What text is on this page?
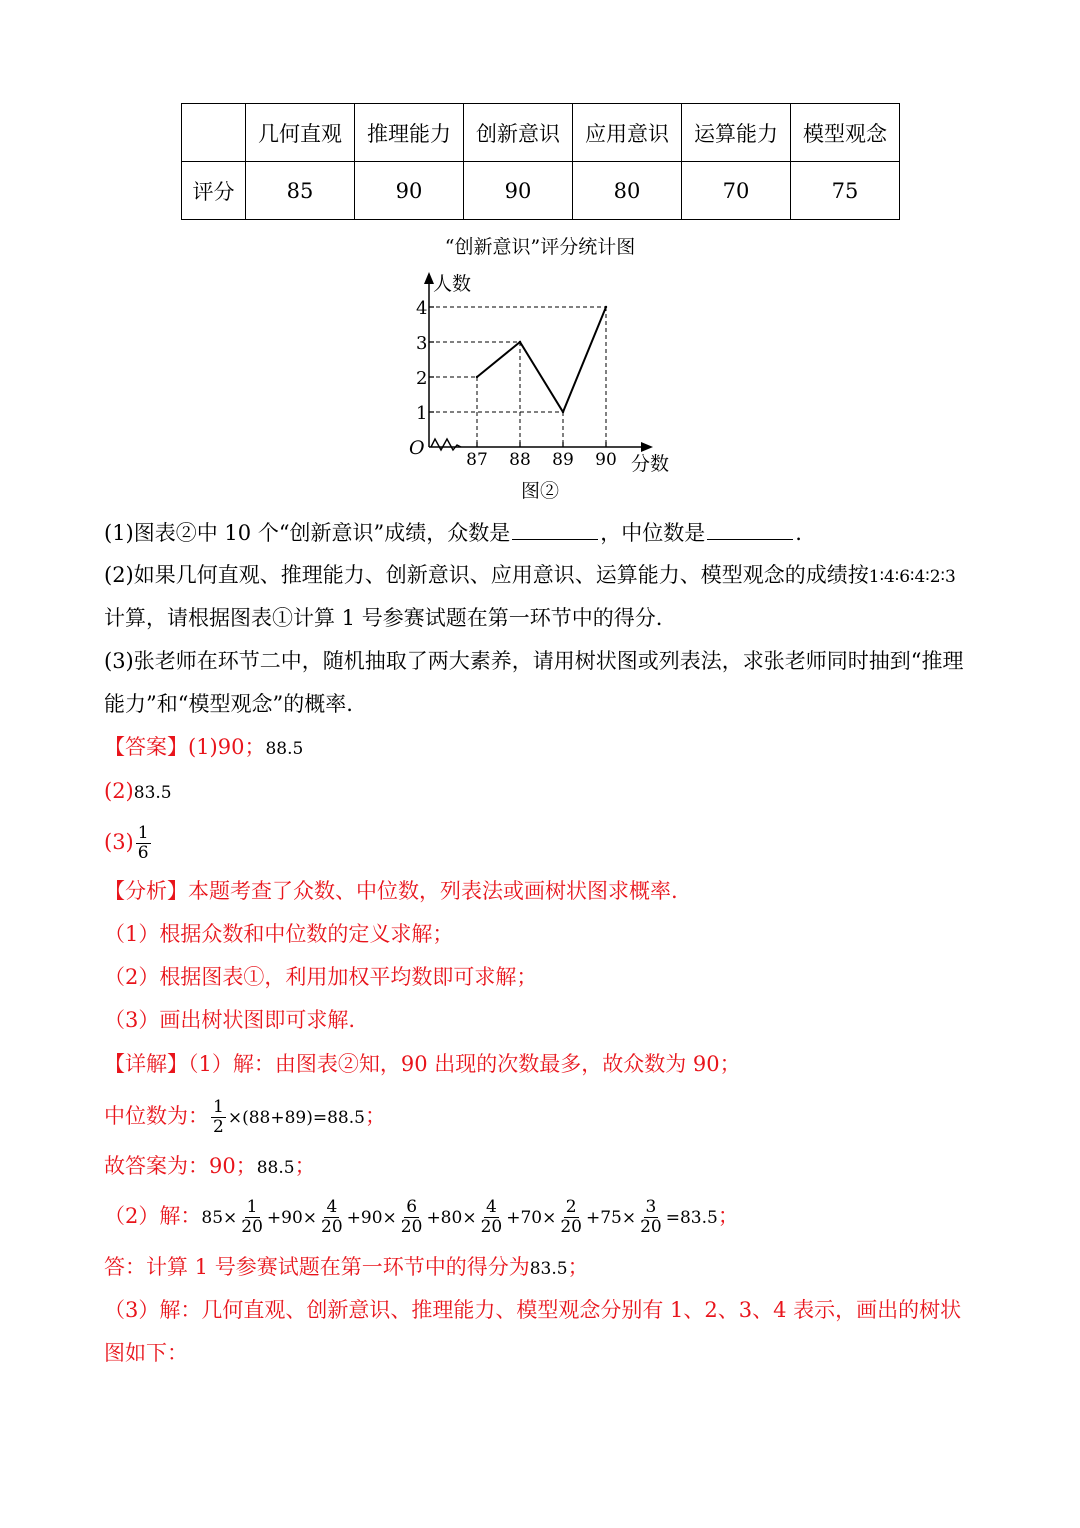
	几何直观	推理能力	创新意识	应用意识	运算能力	模型观念
评分	85	90	90	80	70	75
“创新意识”评分统计图
人数
分数
O
1
2
3
4
87 88 89 90
图②
(1)图表②中 10 个“创新意识”成绩，众数是	，中位数是	.
(2)如果几何直观、推理能力、创新意识、应用意识、运算能力、模型观念的成绩按1∶4∶6∶4∶2∶3
计算，请根据图表①计算 1 号参赛试题在第一环节中的得分.
(3)张老师在环节二中，随机抽取了两大素养，请用树状图或列表法，求张老师同时抽到“推理
能力”和“模型观念”的概率.
【答案】(1)90；88.5
(2)83.5
$(3) \frac{1}{6}$
【分析】本题考查了众数、中位数，列表法或画树状图求概率.
（1）根据众数和中位数的定义求解；
（2）根据图表①，利用加权平均数即可求解；
（3）画出树状图即可求解.
【详解】（1）解：由图表②知，90 出现的次数最多，故众数为 90；
中位数为： $\frac{1}{2} \times(88+89)=88.5$；
故答案为：90；88.5；
（2）解：$85\times \frac{1}{20} +90\times \frac{4}{20} +90\times \frac{6}{20} +80\times \frac{4}{20} +70\times \frac{2}{20} +75\times \frac{3}{20} =83.5$；
答：计算 1 号参赛试题在第一环节中的得分为83.5；
（3）解：几何直观、创新意识、推理能力、模型观念分别有 1、2、3、4 表示，画出的树状
图如下：
